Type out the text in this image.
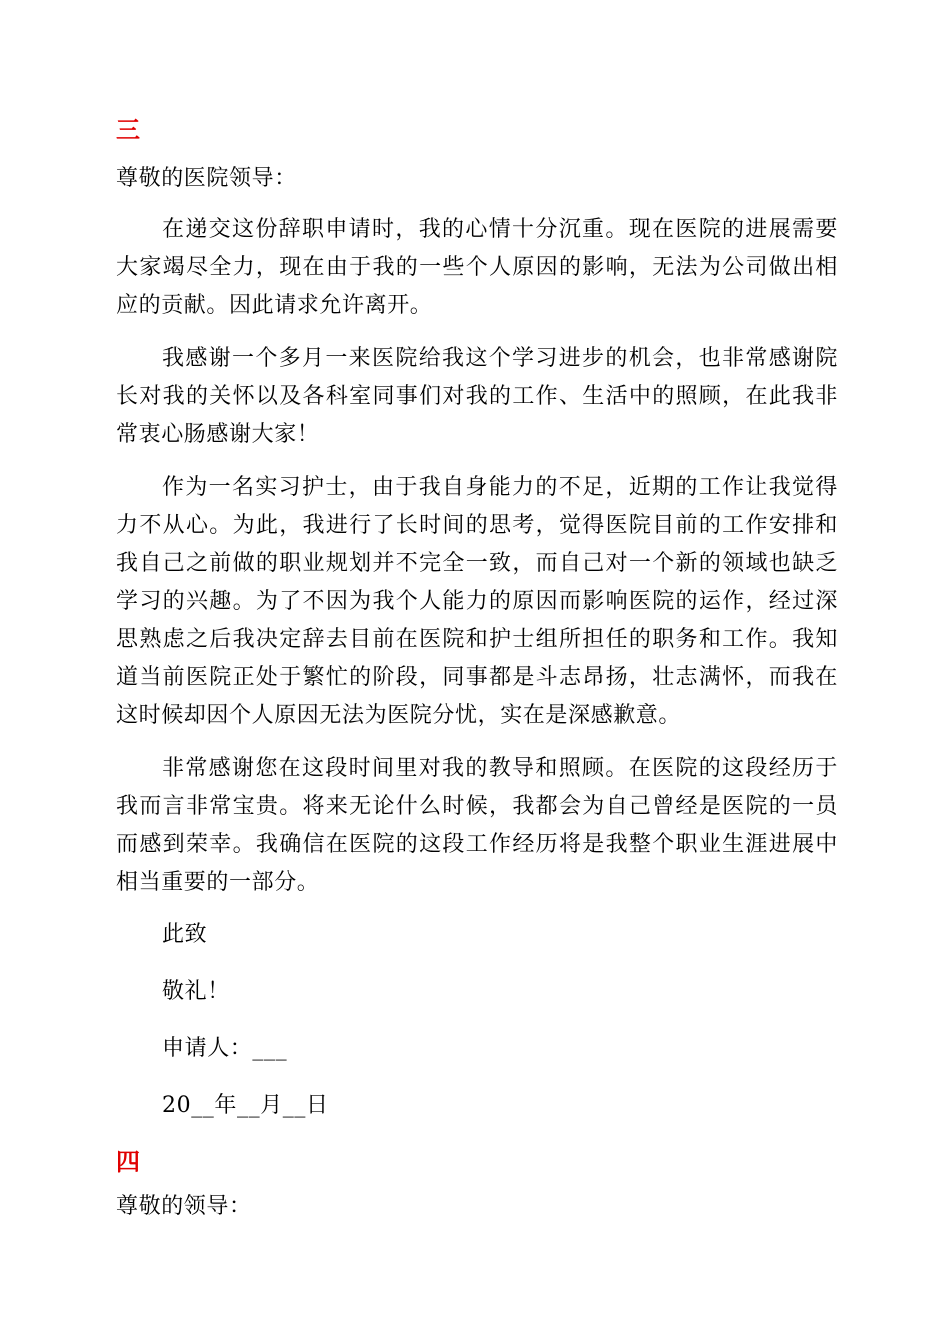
三

尊敬的医院领导：

在递交这份辞职申请时，我的心情十分沉重。现在医院的进展需要大家竭尽全力，现在由于我的一些个人原因的影响，无法为公司做出相应的贡献。因此请求允许离开。

我感谢一个多月一来医院给我这个学习进步的机会，也非常感谢院长对我的关怀以及各科室同事们对我的工作、生活中的照顾，在此我非常衷心肠感谢大家！

作为一名实习护士，由于我自身能力的不足，近期的工作让我觉得力不从心。为此，我进行了长时间的思考，觉得医院目前的工作安排和我自己之前做的职业规划并不完全一致，而自己对一个新的领域也缺乏学习的兴趣。为了不因为我个人能力的原因而影响医院的运作，经过深思熟虑之后我决定辞去目前在医院和护士组所担任的职务和工作。我知道当前医院正处于繁忙的阶段，同事都是斗志昂扬，壮志满怀，而我在这时候却因个人原因无法为医院分忧，实在是深感歉意。

非常感谢您在这段时间里对我的教导和照顾。在医院的这段经历于我而言非常宝贵。将来无论什么时候，我都会为自己曾经是医院的一员而感到荣幸。我确信在医院的这段工作经历将是我整个职业生涯进展中相当重要的一部分。

此致

敬礼！

申请人：___

20__年__月__日

四

尊敬的领导：
